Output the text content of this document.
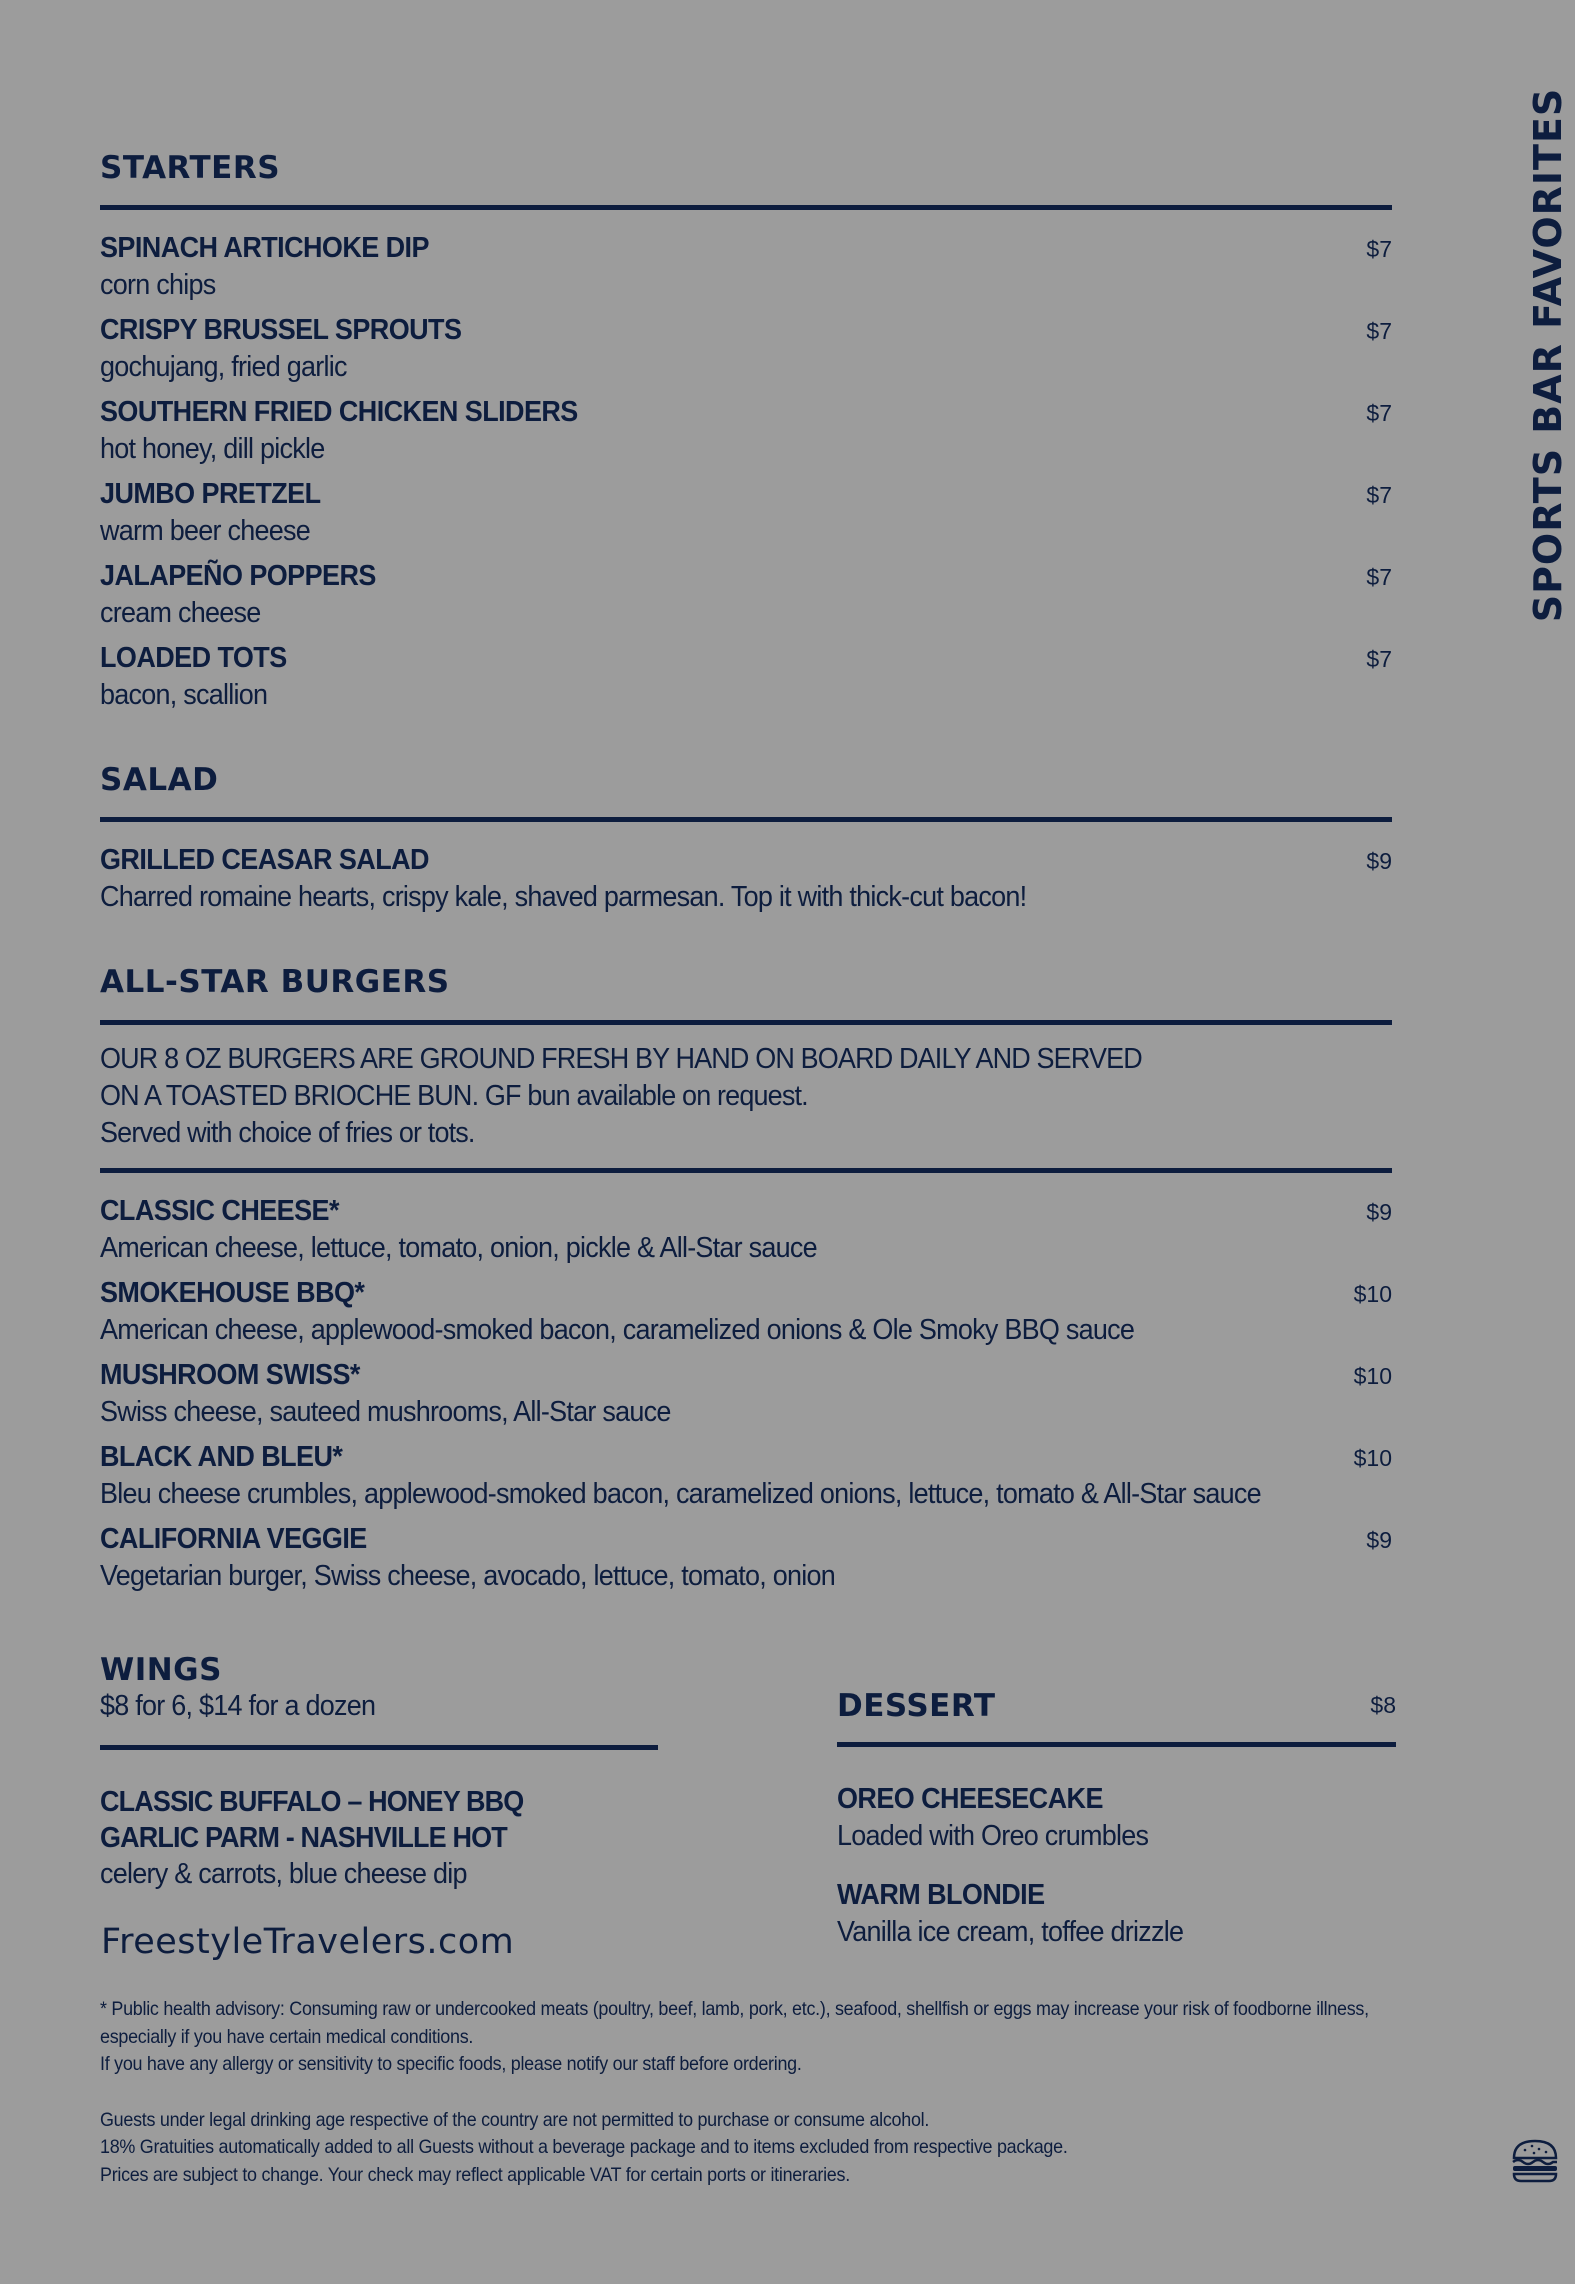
SPORTS BAR FAVORITES
STARTERS
SPINACH ARTICHOKE DIP
corn chips
$7
CRISPY BRUSSEL SPROUTS
gochujang, fried garlic
$7
SOUTHERN FRIED CHICKEN SLIDERS
hot honey, dill pickle
$7
JUMBO PRETZEL
warm beer cheese
$7
JALAPEÑO POPPERS
cream cheese
$7
LOADED TOTS
bacon, scallion
$7
SALAD
GRILLED CEASAR SALAD
Charred romaine hearts, crispy kale, shaved parmesan. Top it with thick-cut bacon!
$9
ALL-STAR BURGERS
OUR 8 OZ BURGERS ARE GROUND FRESH BY HAND ON BOARD DAILY AND SERVED
ON A TOASTED BRIOCHE BUN. GF bun available on request.
Served with choice of fries or tots.
CLASSIC CHEESE*
American cheese, lettuce, tomato, onion, pickle & All-Star sauce
$9
SMOKEHOUSE BBQ*
American cheese, applewood-smoked bacon, caramelized onions & Ole Smoky BBQ sauce
$10
MUSHROOM SWISS*
Swiss cheese, sauteed mushrooms, All-Star sauce
$10
BLACK AND BLEU*
Bleu cheese crumbles, applewood-smoked bacon, caramelized onions, lettuce, tomato & All-Star sauce
$10
CALIFORNIA VEGGIE
Vegetarian burger, Swiss cheese, avocado, lettuce, tomato, onion
$9
WINGS
$8 for 6, $14 for a dozen
CLASSIC BUFFALO – HONEY BBQ
GARLIC PARM - NASHVILLE HOT
celery & carrots, blue cheese dip
DESSERT	$8
OREO CHEESECAKE
Loaded with Oreo crumbles
WARM BLONDIE
Vanilla ice cream, toffee drizzle
FreestyleTravelers.com
* Public health advisory: Consuming raw or undercooked meats (poultry, beef, lamb, pork, etc.), seafood, shellfish or eggs may increase your risk of foodborne illness,
especially if you have certain medical conditions.
If you have any allergy or sensitivity to specific foods, please notify our staff before ordering.
Guests under legal drinking age respective of the country are not permitted to purchase or consume alcohol.
18% Gratuities automatically added to all Guests without a beverage package and to items excluded from respective package.
Prices are subject to change. Your check may reflect applicable VAT for certain ports or itineraries.
